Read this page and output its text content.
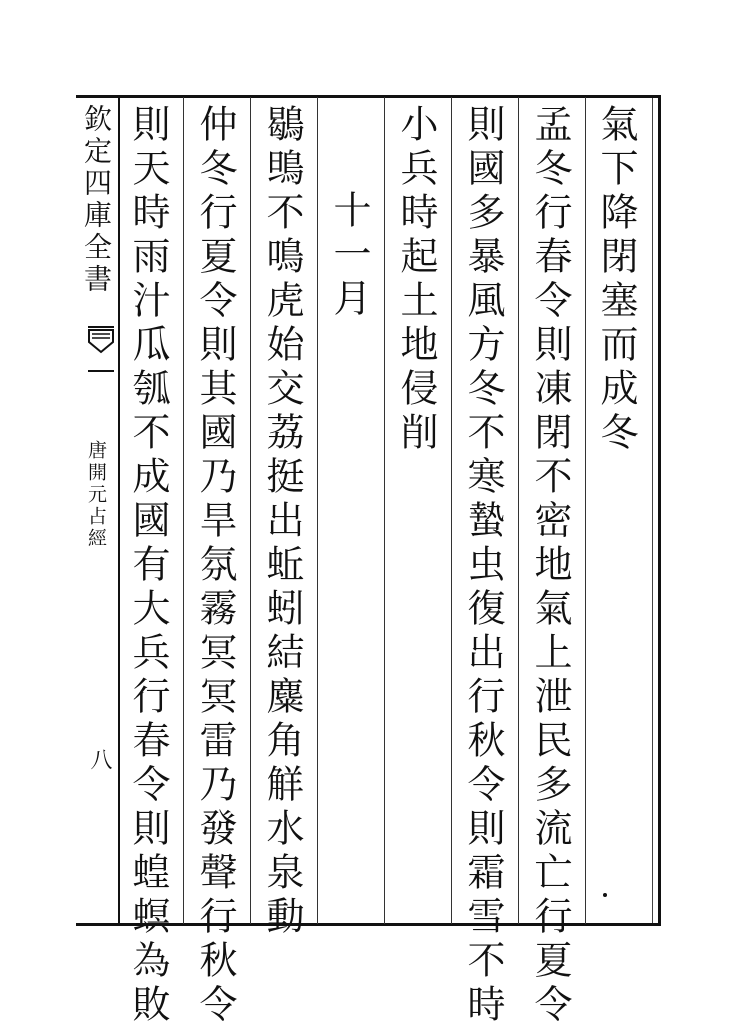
欽定四庫全書
唐開元占經
八
氣下降閉塞而成冬
孟冬行春令則凍閉不密地氣上泄民多流亡行夏令
則國多暴風方冬不寒蟄虫復出行秋令則霜雪不時
小兵時起土地侵削
十一月
鶡鴠不鳴虎始交荔挺出蚯蚓結麋角觧水泉動
仲冬行夏令則其國乃旱氛霧冥冥雷乃發聲行秋令
則天時雨汁瓜瓠不成國有大兵行春令則蝗螟為敗
